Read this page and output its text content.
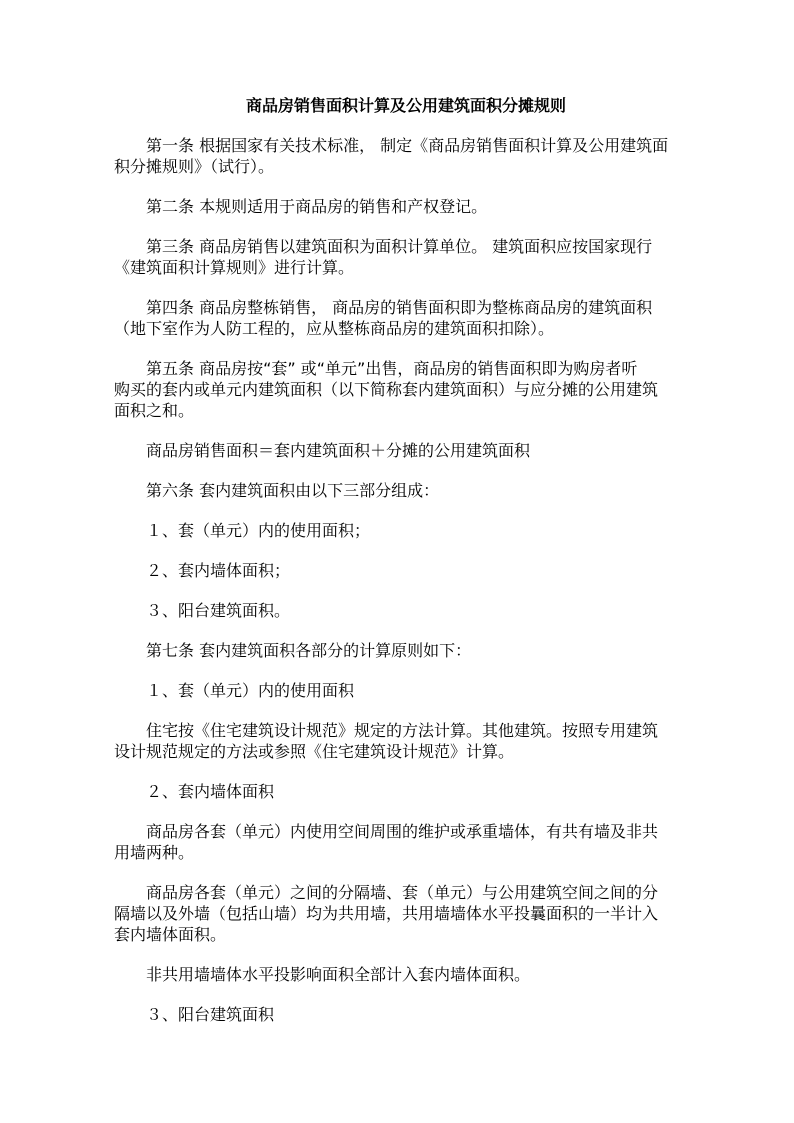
商品房销售面积计算及公用建筑面积分摊规则
第一条 根据国家有关技术标准， 制定《商品房销售面积计算及公用建筑面
积分摊规则》（试行）。
第二条 本规则适用于商品房的销售和产权登记。
第三条 商品房销售以建筑面积为面积计算单位。 建筑面积应按国家现行
《建筑面积计算规则》进行计算。
第四条 商品房整栋销售， 商品房的销售面积即为整栋商品房的建筑面积
（地下室作为人防工程的，应从整栋商品房的建筑面积扣除）。
第五条 商品房按“套” 或“单元”出售，商品房的销售面积即为购房者听
购买的套内或单元内建筑面积（以下简称套内建筑面积）与应分摊的公用建筑
面积之和。
商品房销售面积＝套内建筑面积＋分摊的公用建筑面积
第六条 套内建筑面积由以下三部分组成：
１、套（单元）内的使用面积；
２、套内墙体面积；
３、阳台建筑面积。
第七条 套内建筑面积各部分的计算原则如下：
１、套（单元）内的使用面积
住宅按《住宅建筑设计规范》规定的方法计算。其他建筑。按照专用建筑
设计规范规定的方法或参照《住宅建筑设计规范》计算。
２、套内墙体面积
商品房各套（单元）内使用空间周围的维护或承重墙体，有共有墙及非共
用墙两种。
商品房各套（单元）之间的分隔墙、套（单元）与公用建筑空间之间的分
隔墙以及外墙（包括山墙）均为共用墙，共用墙墙体水平投曩面积的一半计入
套内墙体面积。
非共用墙墙体水平投影响面积全部计入套内墙体面积。
３、阳台建筑面积
